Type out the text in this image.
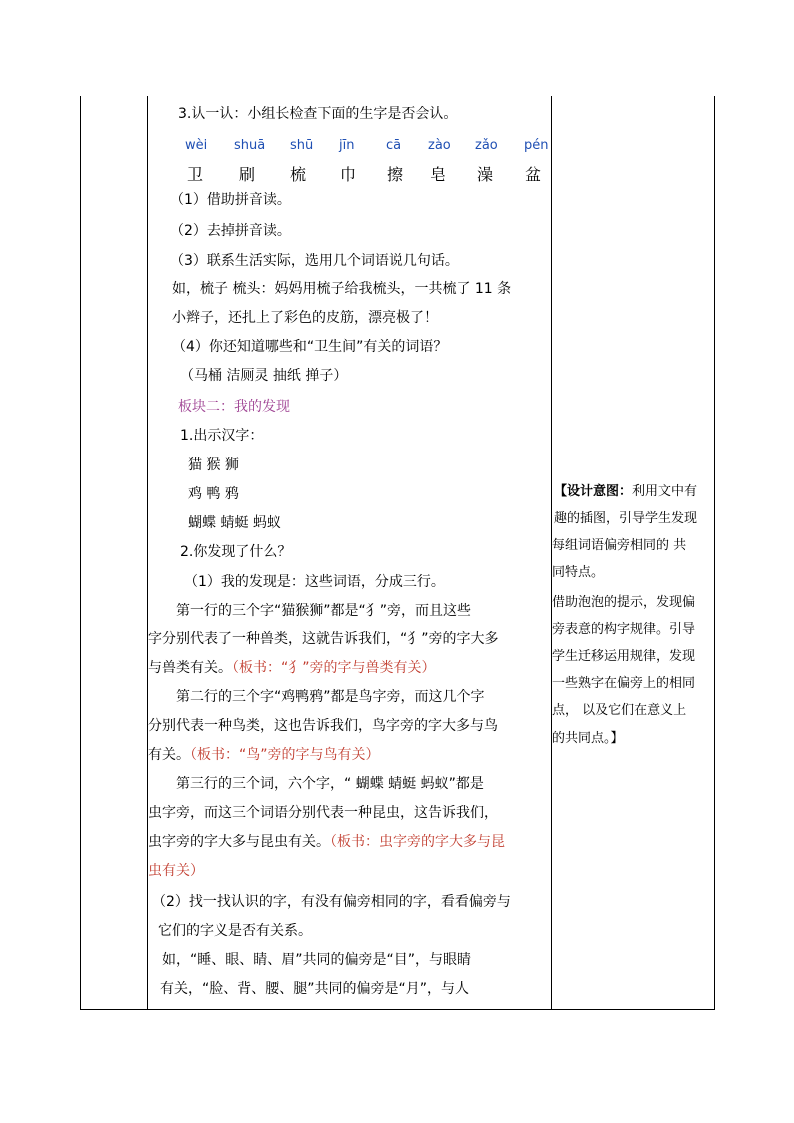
3.认一认：小组长检查下面的生字是否会认。
wèi shuā shū jīn cā zào zǎo pén
卫 刷 梳 巾 擦 皂 澡 盆
（1）借助拼音读。
（2）去掉拼音读。
（3）联系生活实际，选用几个词语说几句话。
如，梳子 梳头：妈妈用梳子给我梳头，一共梳了 11 条
小辫子，还扎上了彩色的皮筋，漂亮极了！
（4）你还知道哪些和“卫生间”有关的词语？
（马桶 洁厕灵 抽纸 掸子）
板块二：我的发现
1.出示汉字：
猫 猴 狮
鸡 鸭 鸦
蝴蝶 蜻蜓 蚂蚁
2.你发现了什么？
（1）我的发现是：这些词语，分成三行。
第一行的三个字“猫猴狮”都是“犭”旁，而且这些
字分别代表了一种兽类，这就告诉我们，“犭”旁的字大多
与兽类有关。（板书：“犭”旁的字与兽类有关）
第二行的三个字“鸡鸭鸦”都是鸟字旁，而这几个字
分别代表一种鸟类，这也告诉我们，鸟字旁的字大多与鸟
有关。（板书：“鸟”旁的字与鸟有关）
第三行的三个词，六个字，“ 蝴蝶 蜻蜓 蚂蚁”都是
虫字旁，而这三个词语分别代表一种昆虫，这告诉我们，
虫字旁的字大多与昆虫有关。（板书：虫字旁的字大多与昆
虫有关）
（2）找一找认识的字，有没有偏旁相同的字，看看偏旁与
它们的字义是否有关系。
如，“睡、眼、睛、眉”共同的偏旁是“目”，与眼睛
有关，“脸、背、腰、腿”共同的偏旁是“月”，与人
【设计意图：利用文中有
趣的插图，引导学生发现
每组词语偏旁相同的 共
同特点。
借助泡泡的提示，发现偏
旁表意的构字规律。引导
学生迁移运用规律，发现
一些熟字在偏旁上的相同
点， 以及它们在意义上
的共同点。】
